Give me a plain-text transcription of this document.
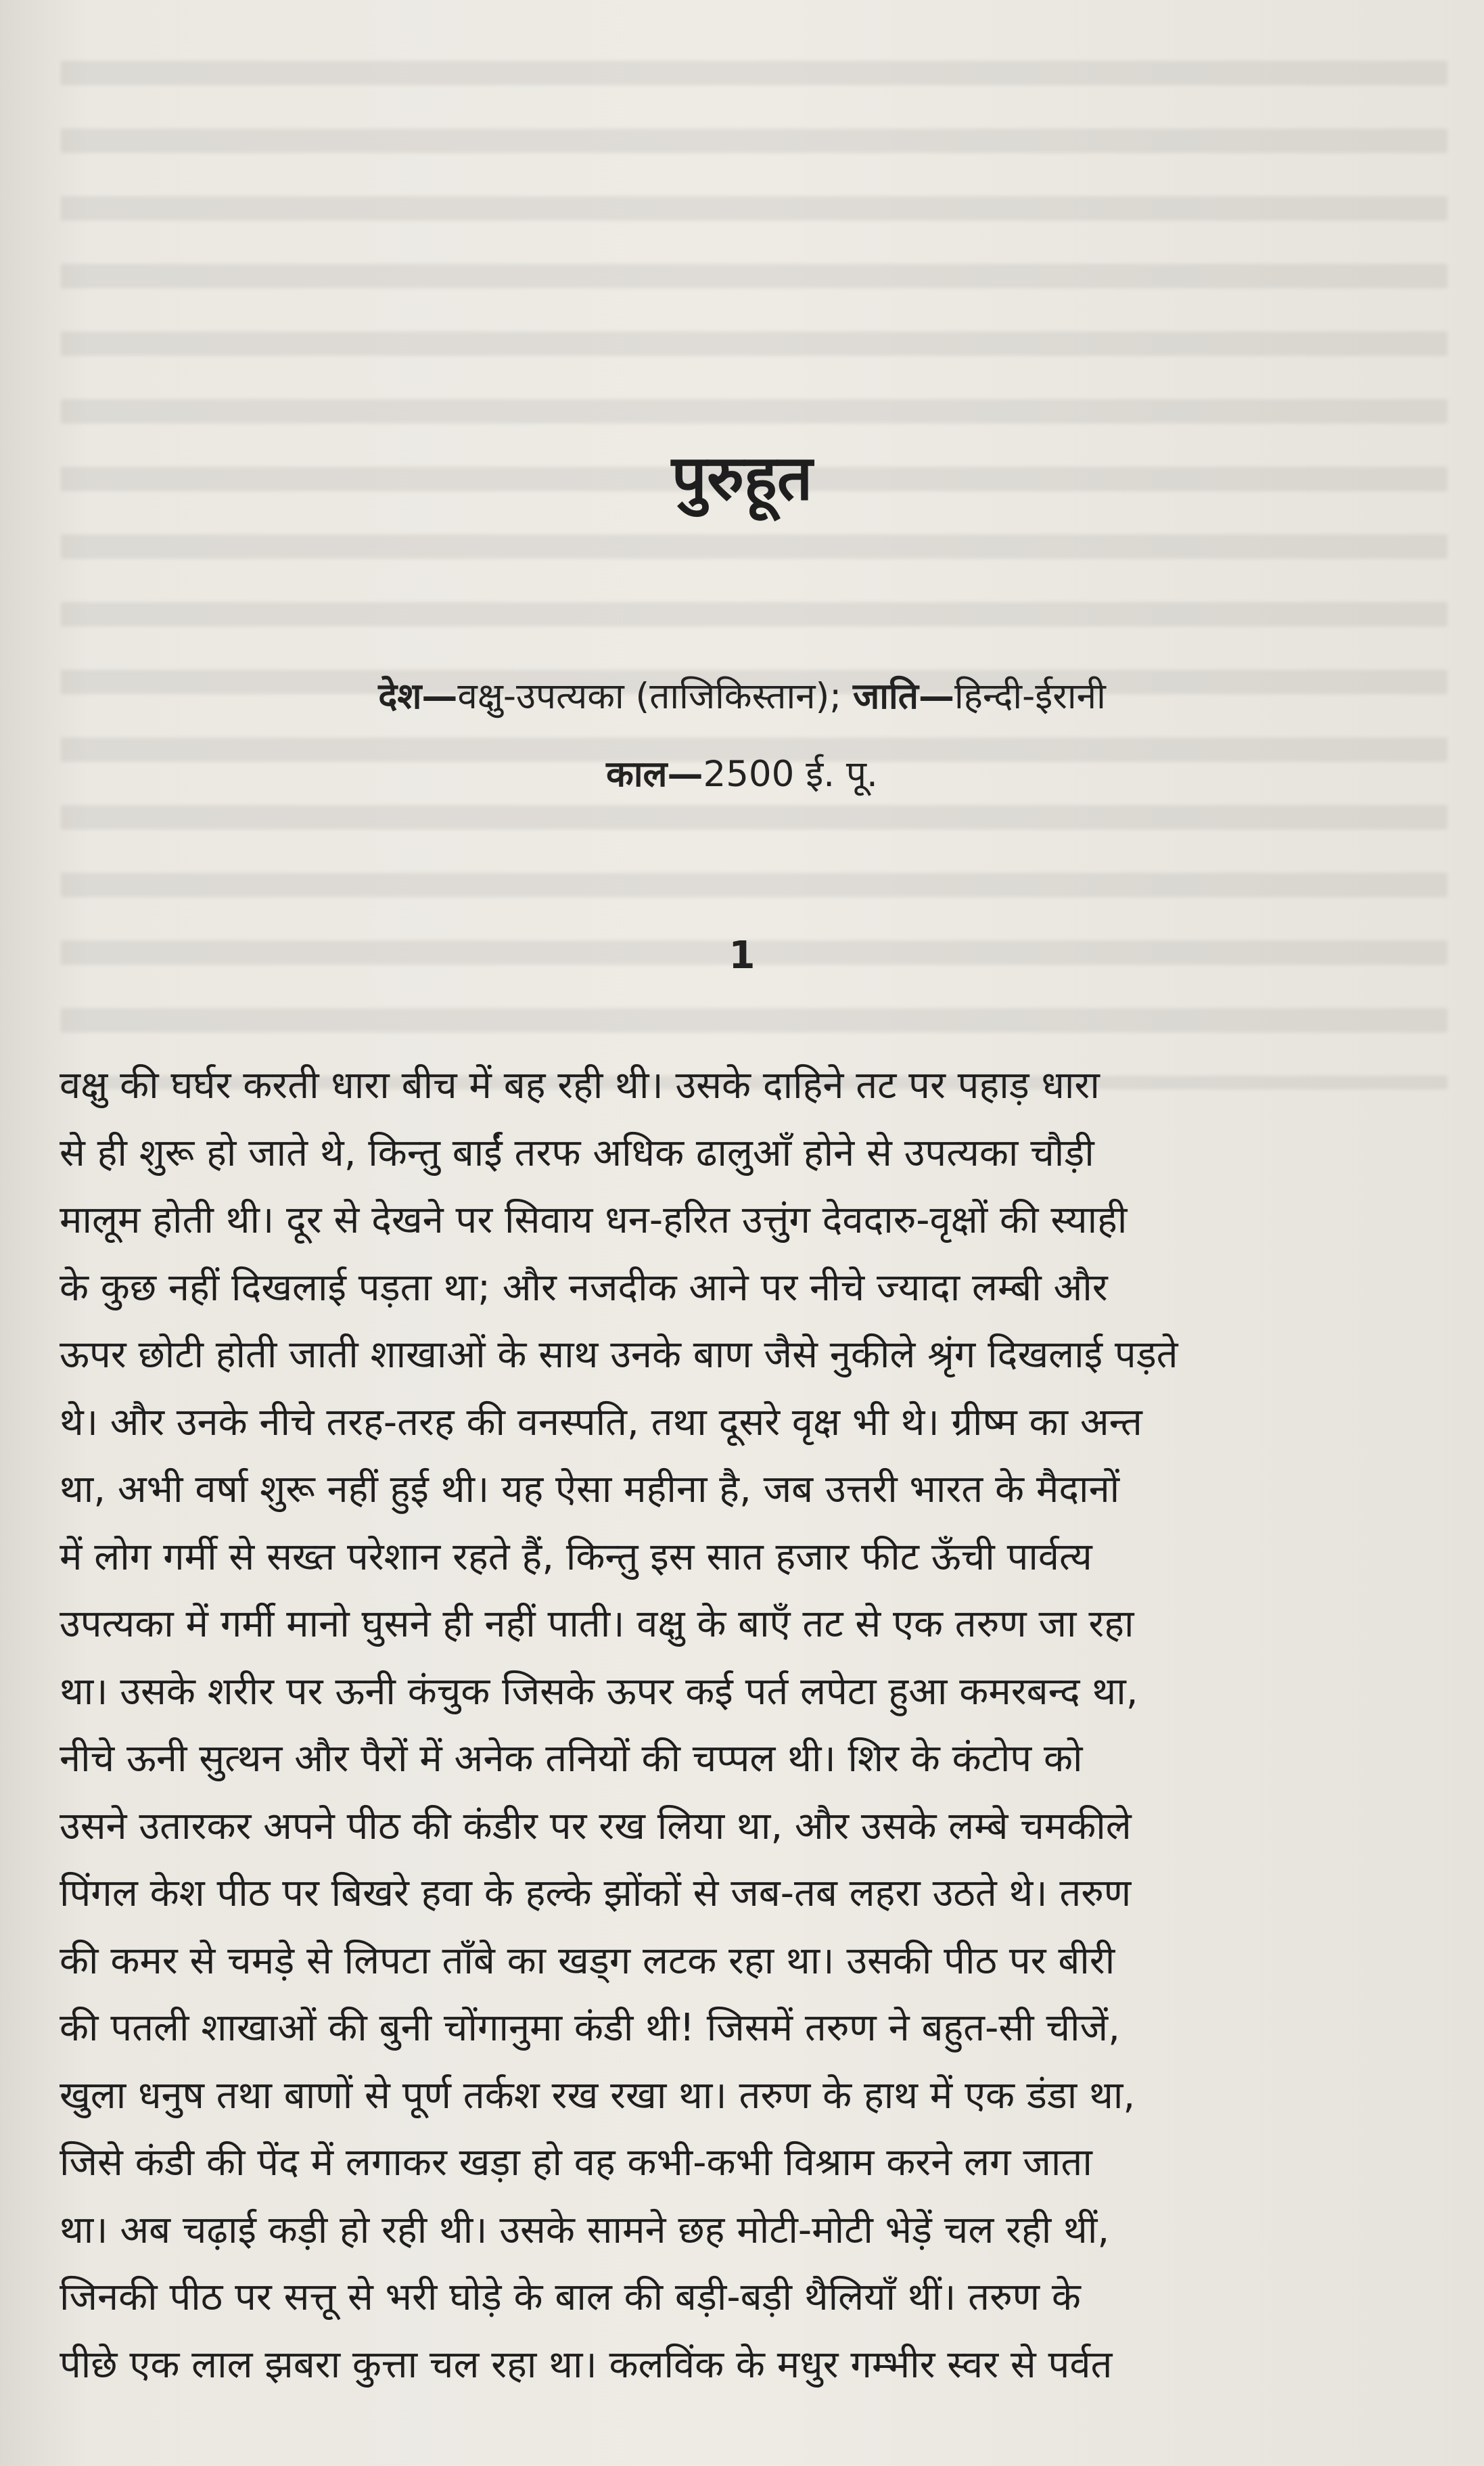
पुरुहूत
देश—वक्षु-उपत्यका (ताजिकिस्तान); जाति—हिन्दी-ईरानी
काल—2500 ई. पू.
1
वक्षु की घर्घर करती धारा बीच में बह रही थी। उसके दाहिने तट पर पहाड़ धारा
से ही शुरू हो जाते थे, किन्तु बाईं तरफ अधिक ढालुआँ होने से उपत्यका चौड़ी
मालूम होती थी। दूर से देखने पर सिवाय धन-हरित उत्तुंग देवदारु-वृक्षों की स्याही
के कुछ नहीं दिखलाई पड़ता था; और नजदीक आने पर नीचे ज्यादा लम्बी और
ऊपर छोटी होती जाती शाखाओं के साथ उनके बाण जैसे नुकीले श्रृंग दिखलाई पड़ते
थे। और उनके नीचे तरह-तरह की वनस्पति, तथा दूसरे वृक्ष भी थे। ग्रीष्म का अन्त
था, अभी वर्षा शुरू नहीं हुई थी। यह ऐसा महीना है, जब उत्तरी भारत के मैदानों
में लोग गर्मी से सख्त परेशान रहते हैं, किन्तु इस सात हजार फीट ऊँची पार्वत्य
उपत्यका में गर्मी मानो घुसने ही नहीं पाती। वक्षु के बाएँ तट से एक तरुण जा रहा
था। उसके शरीर पर ऊनी कंचुक जिसके ऊपर कई पर्त लपेटा हुआ कमरबन्द था,
नीचे ऊनी सुत्थन और पैरों में अनेक तनियों की चप्पल थी। शिर के कंटोप को
उसने उतारकर अपने पीठ की कंडीर पर रख लिया था, और उसके लम्बे चमकीले
पिंगल केश पीठ पर बिखरे हवा के हल्के झोंकों से जब-तब लहरा उठते थे। तरुण
की कमर से चमड़े से लिपटा ताँबे का खड्ग लटक रहा था। उसकी पीठ पर बीरी
की पतली शाखाओं की बुनी चोंगानुमा कंडी थी! जिसमें तरुण ने बहुत-सी चीजें,
खुला धनुष तथा बाणों से पूर्ण तर्कश रख रखा था। तरुण के हाथ में एक डंडा था,
जिसे कंडी की पेंद में लगाकर खड़ा हो वह कभी-कभी विश्राम करने लग जाता
था। अब चढ़ाई कड़ी हो रही थी। उसके सामने छह मोटी-मोटी भेड़ें चल रही थीं,
जिनकी पीठ पर सत्तू से भरी घोड़े के बाल की बड़ी-बड़ी थैलियाँ थीं। तरुण के
पीछे एक लाल झबरा कुत्ता चल रहा था। कलविंक के मधुर गम्भीर स्वर से पर्वत
